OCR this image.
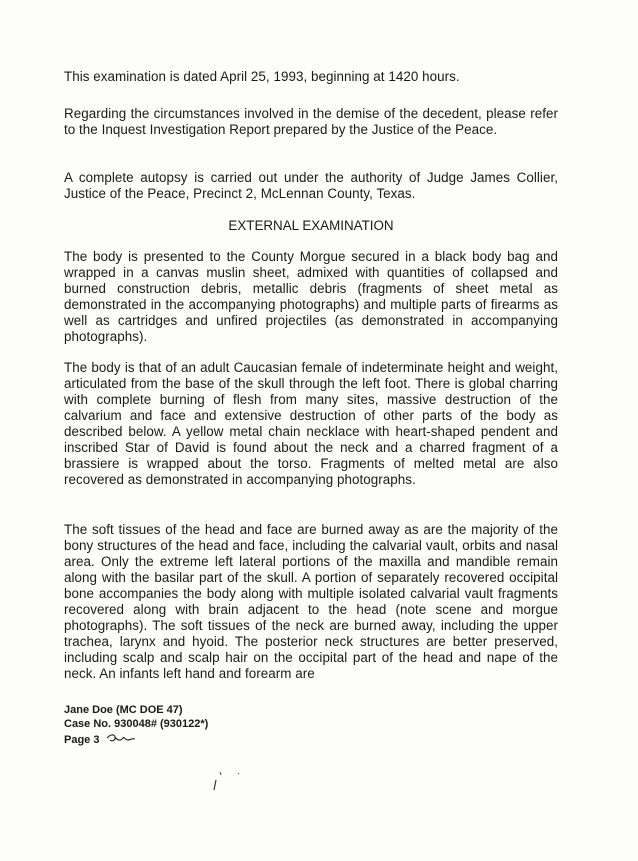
This examination is dated April 25, 1993, beginning at 1420 hours.

Regarding the circumstances involved in the demise of the decedent, please refer to the Inquest Investigation Report prepared by the Justice of the Peace.

A complete autopsy is carried out under the authority of Judge James Collier, Justice of the Peace, Precinct 2, McLennan County, Texas.

EXTERNAL EXAMINATION

The body is presented to the County Morgue secured in a black body bag and wrapped in a canvas muslin sheet, admixed with quantities of collapsed and burned construction debris, metallic debris (fragments of sheet metal as demonstrated in the accompanying photographs) and multiple parts of firearms as well as cartridges and unfired projectiles (as demonstrated in accompanying photographs).

The body is that of an adult Caucasian female of indeterminate height and weight, articulated from the base of the skull through the left foot. There is global charring with complete burning of flesh from many sites, massive destruction of the calvarium and face and extensive destruction of other parts of the body as described below. A yellow metal chain necklace with heart-shaped pendent and inscribed Star of David is found about the neck and a charred fragment of a brassiere is wrapped about the torso. Fragments of melted metal are also recovered as demonstrated in accompanying photographs.

The soft tissues of the head and face are burned away as are the majority of the bony structures of the head and face, including the calvarial vault, orbits and nasal area. Only the extreme left lateral portions of the maxilla and mandible remain along with the basilar part of the skull. A portion of separately recovered occipital bone accompanies the body along with multiple isolated calvarial vault fragments recovered along with brain adjacent to the head (note scene and morgue photographs). The soft tissues of the neck are burned away, including the upper trachea, larynx and hyoid. The posterior neck structures are better preserved, including scalp and scalp hair on the occipital part of the head and nape of the neck. An infants left hand and forearm are

Jane Doe (MC DOE 47)
Case No. 930048# (930122*)
Page 3
